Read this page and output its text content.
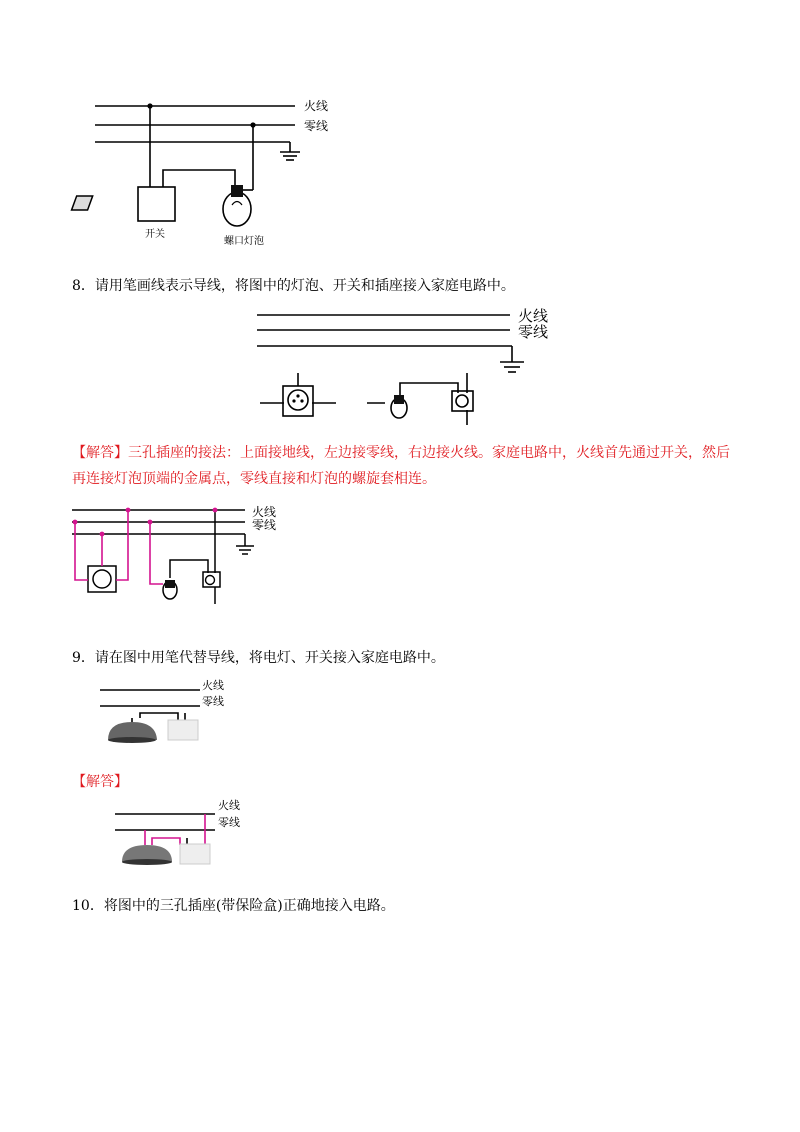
火线
零线
开关
螺口灯泡
8．请用笔画线表示导线，将图中的灯泡、开关和插座接入家庭电路中。
火线
零线
【解答】三孔插座的接法：上面接地线，左边接零线，右边接火线。家庭电路中，火线首先通过开关，然后再连接灯泡顶端的金属点，零线直接和灯泡的螺旋套相连。
火线
零线
9．请在图中用笔代替导线，将电灯、开关接入家庭电路中。
火线
零线
【解答】
火线
零线
10．将图中的三孔插座(带保险盒)正确地接入电路。
